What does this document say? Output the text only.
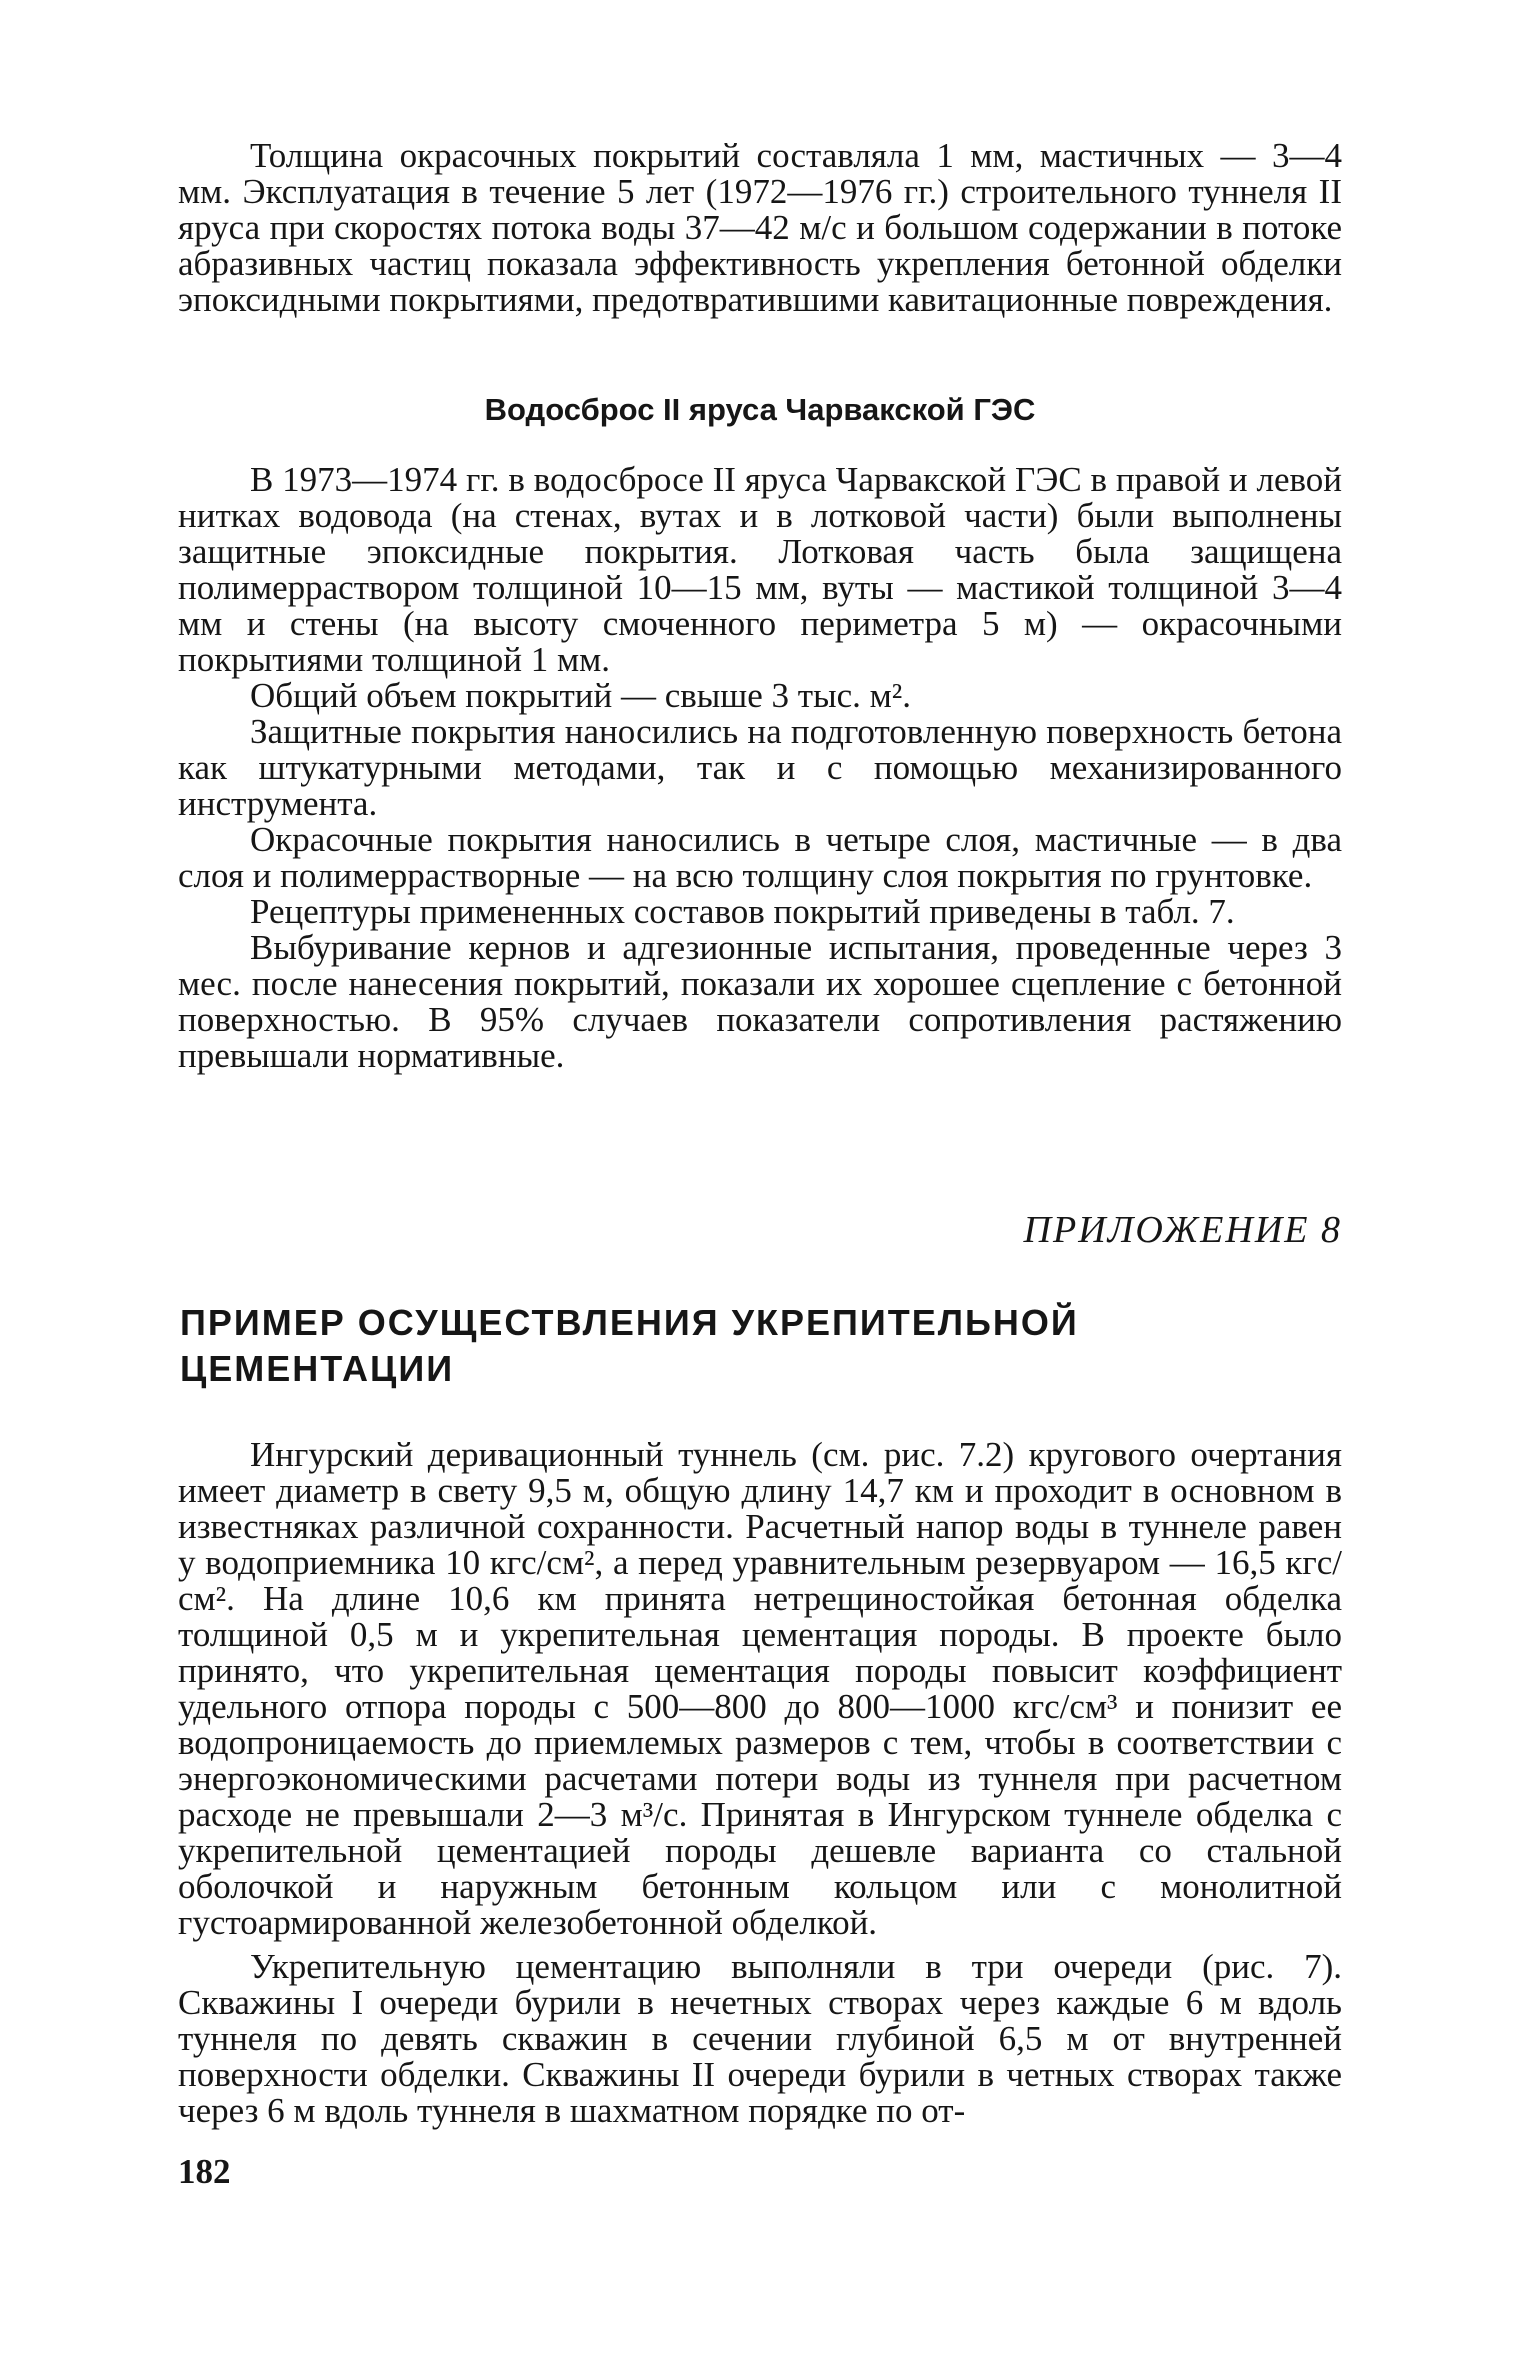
Толщина окрасочных покрытий составляла 1 мм, мастичных — 3—4 мм. Эксплуатация в течение 5 лет (1972—1976 гг.) строительного туннеля II яруса при скоростях потока воды 37—42 м/с и большом содержании в потоке абразивных частиц показала эффективность укрепления бетонной обделки эпоксидными покрытиями, предотвратившими кавитационные повреждения.

Водосброс II яруса Чарвакской ГЭС

В 1973—1974 гг. в водосбросе II яруса Чарвакской ГЭС в правой и левой нитках водовода (на стенах, вутах и в лотковой части) были выполнены защитные эпоксидные покрытия. Лотковая часть была защищена полимерраствором толщиной 10—15 мм, вуты — мастикой толщиной 3—4 мм и стены (на высоту смоченного периметра 5 м) — окрасочными покрытиями толщиной 1 мм.

Общий объем покрытий — свыше 3 тыс. м².

Защитные покрытия наносились на подготовленную поверхность бетона как штукатурными методами, так и с помощью механизированного инструмента.

Окрасочные покрытия наносились в четыре слоя, мастичные — в два слоя и полимеррастворные — на всю толщину слоя покрытия по грунтовке.

Рецептуры примененных составов покрытий приведены в табл. 7.

Выбуривание кернов и адгезионные испытания, проведенные через 3 мес. после нанесения покрытий, показали их хорошее сцепление с бетонной поверхностью. В 95% случаев показатели сопротивления растяжению превышали нормативные.

ПРИЛОЖЕНИЕ 8
ПРИМЕР ОСУЩЕСТВЛЕНИЯ УКРЕПИТЕЛЬНОЙ
ЦЕМЕНТАЦИИ

Ингурский деривационный туннель (см. рис. 7.2) кругового очертания имеет диаметр в свету 9,5 м, общую длину 14,7 км и проходит в основном в известняках различной сохранности. Расчетный напор воды в туннеле равен у водоприемника 10 кгс/см², а перед уравнительным резервуаром — 16,5 кгс/см². На длине 10,6 км принята нетрещиностойкая бетонная обделка толщиной 0,5 м и укрепительная цементация породы. В проекте было принято, что укрепительная цементация породы повысит коэффициент удельного отпора породы с 500—800 до 800—1000 кгс/см³ и понизит ее водопроницаемость до приемлемых размеров с тем, чтобы в соответствии с энергоэкономическими расчетами потери воды из туннеля при расчетном расходе не превышали 2—3 м³/с. Принятая в Ингурском туннеле обделка с укрепительной цементацией породы дешевле варианта со стальной оболочкой и наружным бетонным кольцом или с монолитной густоармированной железобетонной обделкой.

Укрепительную цементацию выполняли в три очереди (рис. 7). Скважины I очереди бурили в нечетных створах через каждые 6 м вдоль туннеля по девять скважин в сечении глубиной 6,5 м от внутренней поверхности обделки. Скважины II очереди бурили в четных створах также через 6 м вдоль туннеля в шахматном порядке по от-

182
